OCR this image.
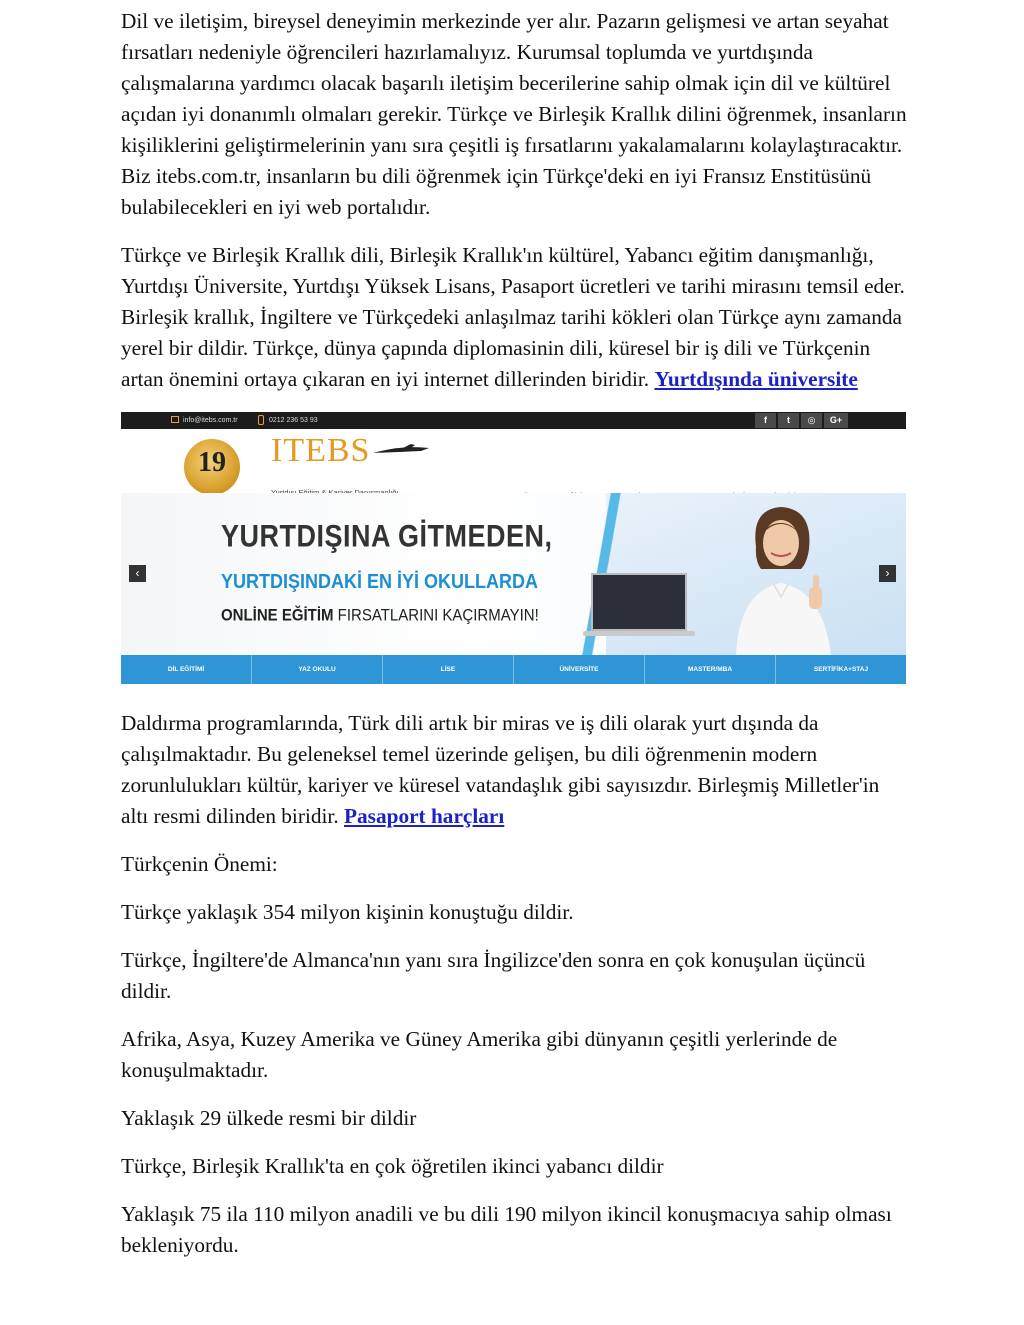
Dil ve iletişim, bireysel deneyimin merkezinde yer alır. Pazarın gelişmesi ve artan seyahat fırsatları nedeniyle öğrencileri hazırlamalıyız. Kurumsal toplumda ve yurtdışında çalışmalarına yardımcı olacak başarılı iletişim becerilerine sahip olmak için dil ve kültürel açıdan iyi donanımlı olmaları gerekir. Türkçe ve Birleşik Krallık dilini öğrenmek, insanların kişiliklerini geliştirmelerinin yanı sıra çeşitli iş fırsatlarını yakalamalarını kolaylaştıracaktır. Biz itebs.com.tr, insanların bu dili öğrenmek için Türkçe'deki en iyi Fransız Enstitüsünü bulabilecekleri en iyi web portalıdır.

Türkçe ve Birleşik Krallık dili, Birleşik Krallık'ın kültürel, Yabancı eğitim danışmanlığı, Yurtdışı Üniversite, Yurtdışı Yüksek Lisans, Pasaport ücretleri ve tarihi mirasını temsil eder. Birleşik krallık, İngiltere ve Türkçedeki anlaşılmaz tarihi kökleri olan Türkçe aynı zamanda yerel bir dildir. Türkçe, dünya çapında diplomasinin dili, küresel bir iş dili ve Türkçenin artan önemini ortaya çıkaran en iyi internet dillerinden biridir. Yurtdışında üniversite

info@itebs.com.tr	0212 236 53 93	f	t	◎	G+
19	ITEBS
YURTDIŞINA GİTMEDEN,
YURTDIŞINDAKİ EN İYİ OKULLARDA
ONLİNE EĞİTİM FIRSATLARINI KAÇIRMAYIN!
‹	›
DİL EĞİTİMİ	YAZ OKULU	LİSE	ÜNİVERSİTE	MASTER/MBA	SERTİFİKA+STAJ

Daldırma programlarında, Türk dili artık bir miras ve iş dili olarak yurt dışında da çalışılmaktadır. Bu geleneksel temel üzerinde gelişen, bu dili öğrenmenin modern zorunlulukları kültür, kariyer ve küresel vatandaşlık gibi sayısızdır. Birleşmiş Milletler'in altı resmi dilinden biridir. Pasaport harçları

Türkçenin Önemi:

Türkçe yaklaşık 354 milyon kişinin konuştuğu dildir.

Türkçe, İngiltere'de Almanca'nın yanı sıra İngilizce'den sonra en çok konuşulan üçüncü dildir.

Afrika, Asya, Kuzey Amerika ve Güney Amerika gibi dünyanın çeşitli yerlerinde de konuşulmaktadır.

Yaklaşık 29 ülkede resmi bir dildir

Türkçe, Birleşik Krallık'ta en çok öğretilen ikinci yabancı dildir

Yaklaşık 75 ila 110 milyon anadili ve bu dili 190 milyon ikincil konuşmacıya sahip olması bekleniyordu.
